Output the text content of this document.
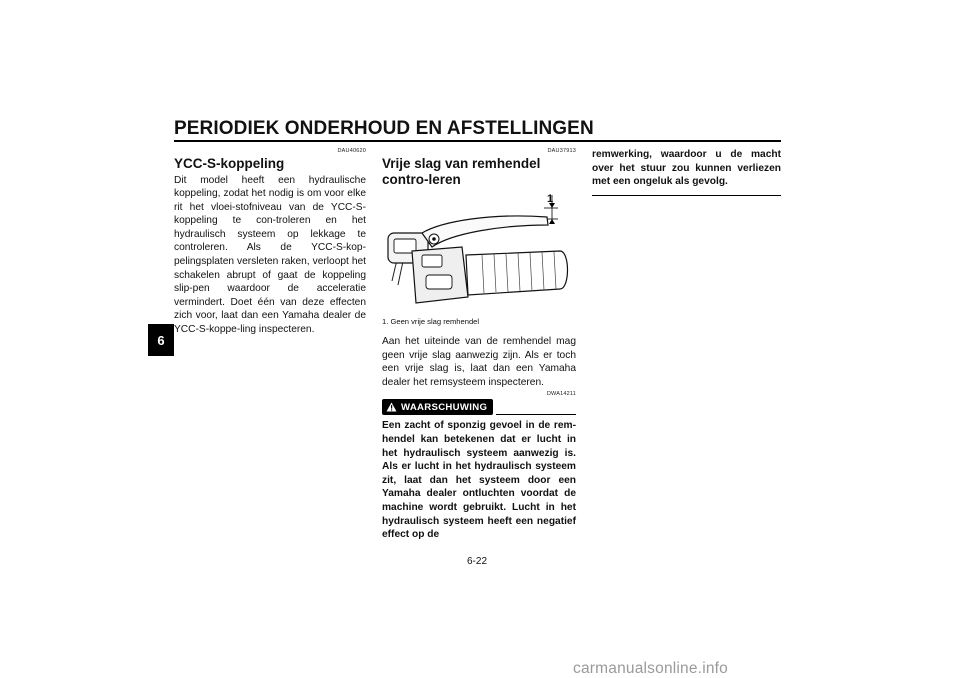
PERIODIEK ONDERHOUD EN AFSTELLINGEN
6
DAU40620
YCC-S-koppeling

Dit model heeft een hydraulische koppeling, zodat het nodig is om voor elke rit het vloei-stofniveau van de YCC-S-koppeling te con-troleren en het hydraulisch systeem op lekkage te controleren. Als de YCC-S-kop-pelingsplaten versleten raken, verloopt het schakelen abrupt of gaat de koppeling slip-pen waardoor de acceleratie vermindert. Doet één van deze effecten zich voor, laat dan een Yamaha dealer de YCC-S-koppe-ling inspecteren.

DAU37913
Vrije slag van remhendel contro-leren
1
1. Geen vrije slag remhendel

Aan het uiteinde van de remhendel mag geen vrije slag aanwezig zijn. Als er toch een vrije slag is, laat dan een Yamaha dealer het remsysteem inspecteren.

DWA14211
WAARSCHUWING

Een zacht of sponzig gevoel in de rem-hendel kan betekenen dat er lucht in het hydraulisch systeem aanwezig is. Als er lucht in het hydraulisch systeem zit, laat dan het systeem door een Yamaha dealer ontluchten voordat de machine wordt gebruikt. Lucht in het hydraulisch systeem heeft een negatief effect op de

remwerking, waardoor u de macht over het stuur zou kunnen verliezen met een ongeluk als gevolg.

6-22
carmanualsonline.info
